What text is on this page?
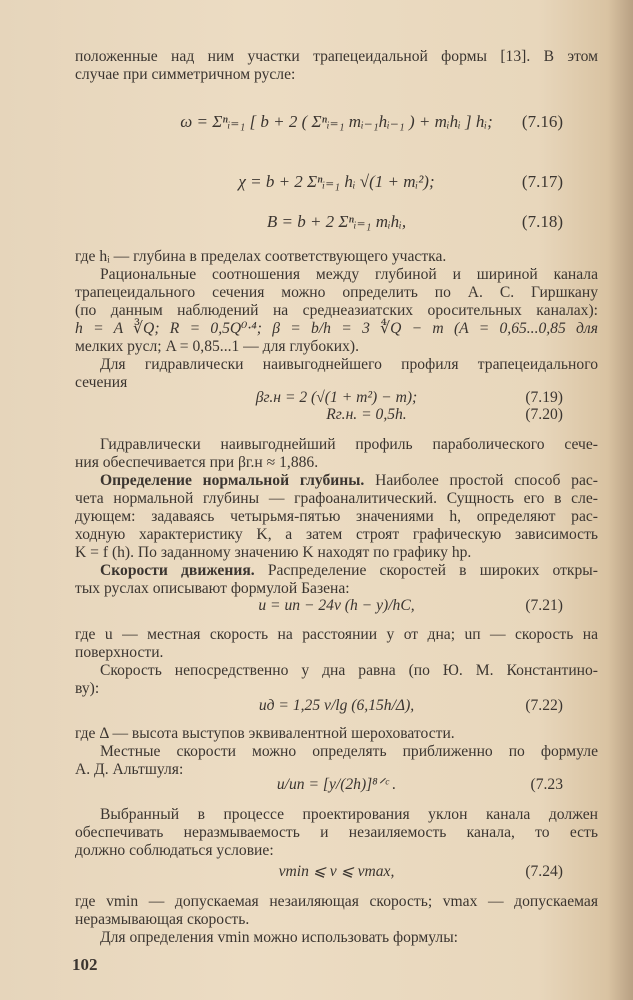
положенные над ним участки трапецеидальной формы [13]. В этом
случае при симметричном русле:
ω = Σⁿᵢ₌₁ [ b + 2 ( Σⁿᵢ₌₁ mᵢ₋₁hᵢ₋₁ ) + mᵢhᵢ ] hᵢ; (7.16)
χ = b + 2 Σⁿᵢ₌₁ hᵢ √(1 + mᵢ²);	(7.17)
B = b + 2 Σⁿᵢ₌₁ mᵢhᵢ,	(7.18)
где hᵢ — глубина в пределах соответствующего участка.
Рациональные соотношения между глубиной и шириной канала
трапецеидального сечения можно определить по А. С. Гиршкану
(по данным наблюдений на среднеазиатских оросительных каналах):
h = A ∛Q; R = 0,5Q⁰·⁴; β = b/h = 3 ∜Q − m (A = 0,65...0,85 для
мелких русл; A = 0,85...1 — для глубоких).
Для гидравлически наивыгоднейшего профиля трапецеидального
сечения
βг.н = 2 (√(1 + m²) − m);	(7.19)
Rг.н. = 0,5h.	(7.20)
Гидравлически наивыгоднейший профиль параболического сече-
ния обеспечивается при βг.н ≈ 1,886.
Определение нормальной глубины. Наиболее простой способ рас-
чета нормальной глубины — графоаналитический. Сущность его в сле-
дующем: задаваясь четырьмя-пятью значениями h, определяют рас-
ходную характеристику K, а затем строят графическую зависимость
K = f (h). По заданному значению K находят по графику hр.
Скорости движения. Распределение скоростей в широких откры-
тых руслах описывают формулой Базена:
u = uп − 24v (h − y)/hC,	(7.21)
где u — местная скорость на расстоянии y от дна; uп — скорость на
поверхности.
Скорость непосредственно у дна равна (по Ю. М. Константино-
ву):
uд = 1,25 v/lg (6,15h/Δ),	(7.22)
где Δ — высота выступов эквивалентной шероховатости.
Местные скорости можно определять приближенно по формуле
А. Д. Альтшуля:
u/uп = [y/(2h)]⁸ᐟᶜ .	(7.23
Выбранный в процессе проектирования уклон канала должен
обеспечивать неразмываемость и незаиляемость канала, то есть
должно соблюдаться условие:
vmin ⩽ v ⩽ vmax,	(7.24)
где vmin — допускаемая незаиляющая скорость; vmax — допускаемая
неразмывающая скорость.
Для определения vmin можно использовать формулы:
102
